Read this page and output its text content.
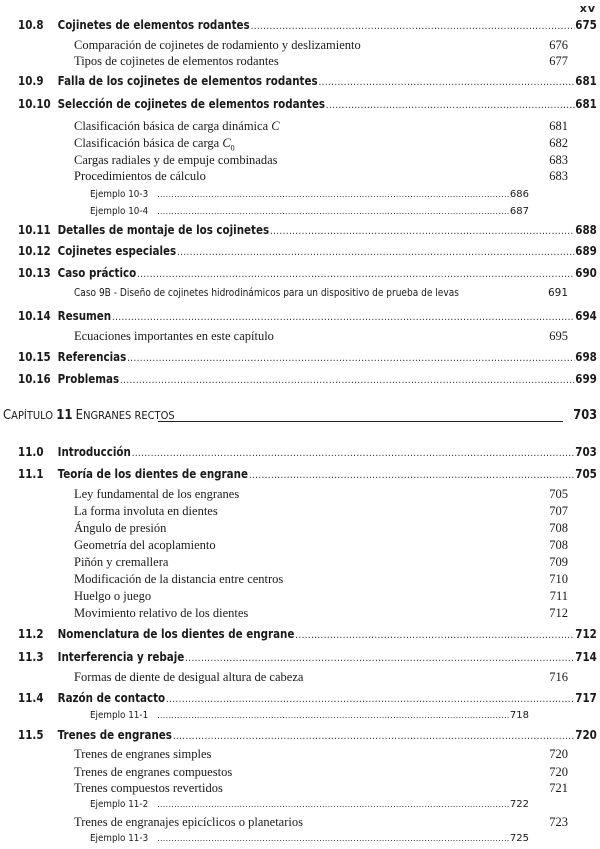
xv
10.8 Cojinetes de elementos rodantes .....	675
Comparación de cojinetes de rodamiento y deslizamiento	676
Tipos de cojinetes de elementos rodantes	677
10.9 Falla de los cojinetes de elementos rodantes .....	681
10.10 Selección de cojinetes de elementos rodantes .....	681
Clasificación básica de carga dinámica C	681
Clasificación básica de carga $C_0$	682
Cargas radiales y de empuje combinadas	683
Procedimientos de cálculo	683
Ejemplo 10-3 .....	686
Ejemplo 10-4 .....	687
10.11 Detalles de montaje de los cojinetes .....	688
10.12 Cojinetes especiales .....	689
10.13 Caso práctico .....	690
Caso 9B - Diseño de cojinetes hidrodinámicos para un dispositivo de prueba de levas	691
10.14 Resumen .....	694
Ecuaciones importantes en este capítulo	695
10.15 Referencias .....	698
10.16 Problemas .....	699
CAPÍTULO 11 ENGRANES RECTOS	703
11.0 Introducción .....	703
11.1 Teoría de los dientes de engrane .....	705
Ley fundamental de los engranes	705
La forma involuta en dientes	707
Ángulo de presión	708
Geometría del acoplamiento	708
Piñón y cremallera	709
Modificación de la distancia entre centros	710
Huelgo o juego	711
Movimiento relativo de los dientes	712
11.2 Nomenclatura de los dientes de engrane .....	712
11.3 Interferencia y rebaje .....	714
Formas de diente de desigual altura de cabeza	716
11.4 Razón de contacto .....	717
Ejemplo 11-1 .....	718
11.5 Trenes de engranes .....	720
Trenes de engranes simples	720
Trenes de engranes compuestos	720
Trenes compuestos revertidos	721
Ejemplo 11-2 .....	722
Trenes de engranajes epicíclicos o planetarios	723
Ejemplo 11-3 .....	725
